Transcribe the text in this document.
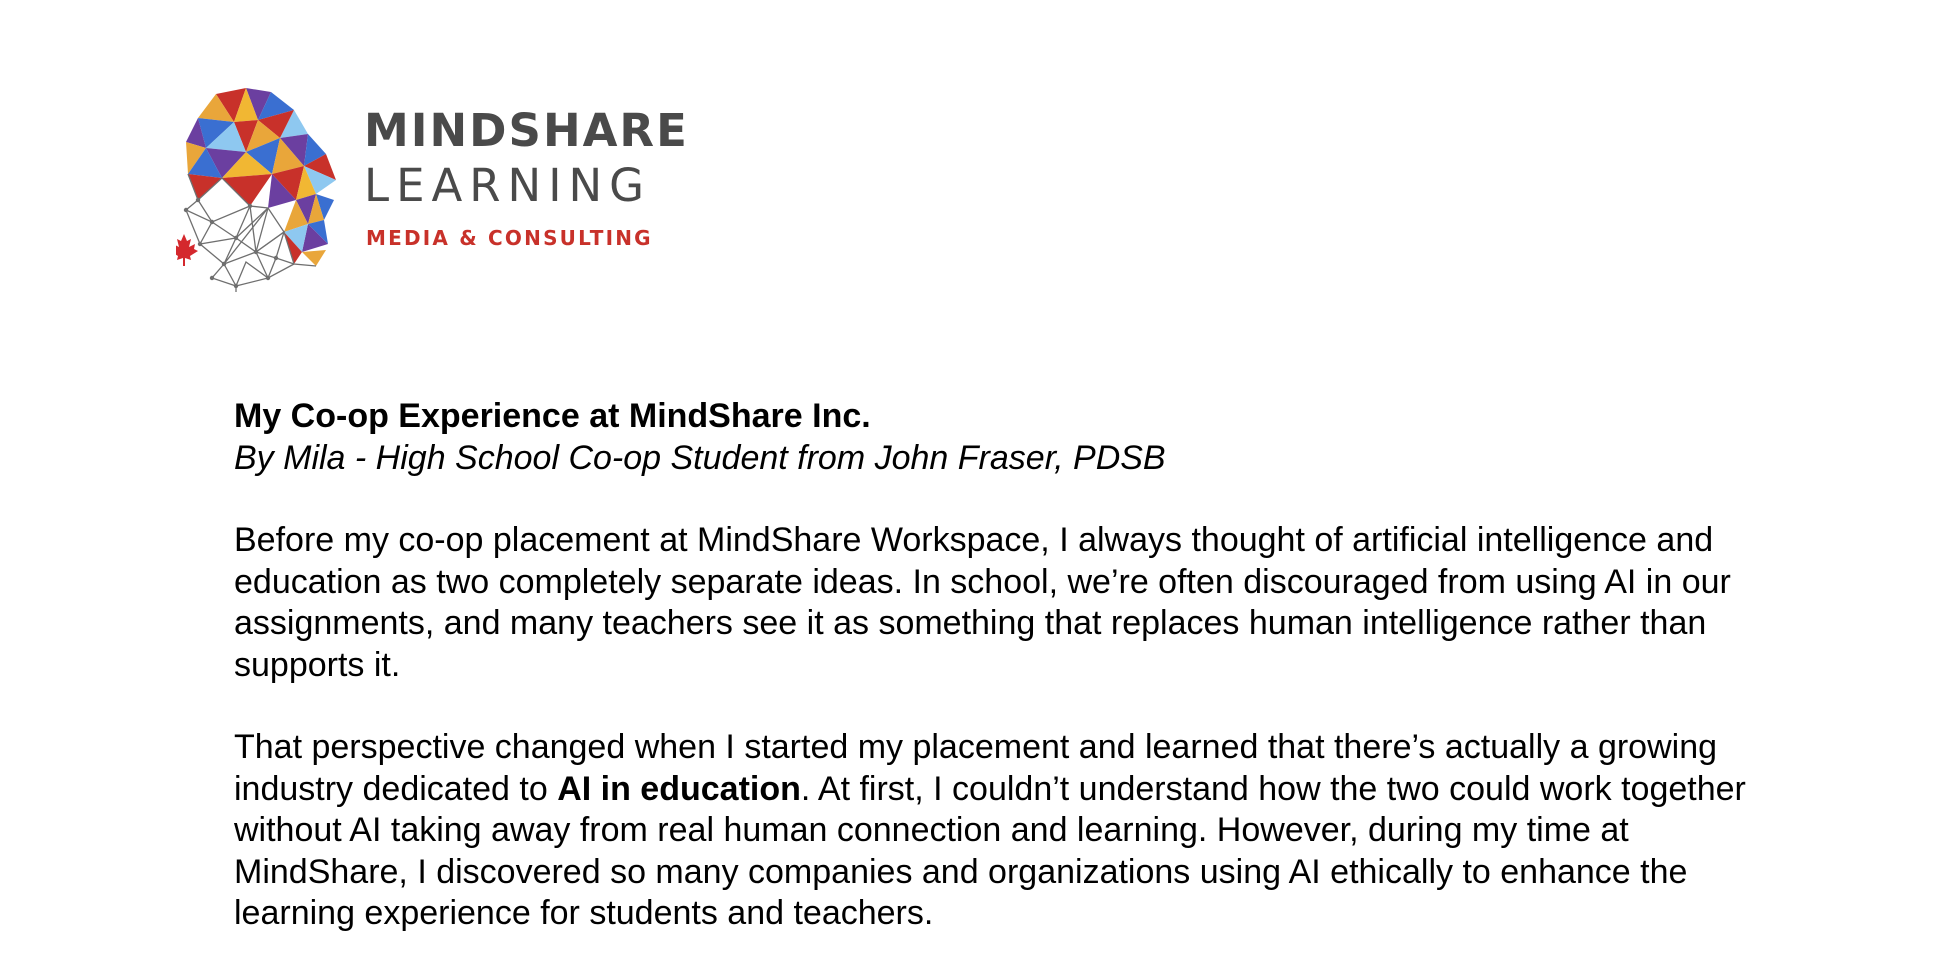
MINDSHARE
LEARNING
MEDIA & CONSULTING

My Co-op Experience at MindShare Inc.

By Mila - High School Co-op Student from John Fraser, PDSB

Before my co-op placement at MindShare Workspace, I always thought of artificial intelligence and education as two completely separate ideas. In school, we’re often discouraged from using AI in our assignments, and many teachers see it as something that replaces human intelligence rather than supports it.

That perspective changed when I started my placement and learned that there’s actually a growing industry dedicated to AI in education. At first, I couldn’t understand how the two could work together without AI taking away from real human connection and learning. However, during my time at MindShare, I discovered so many companies and organizations using AI ethically to enhance the learning experience for students and teachers.
